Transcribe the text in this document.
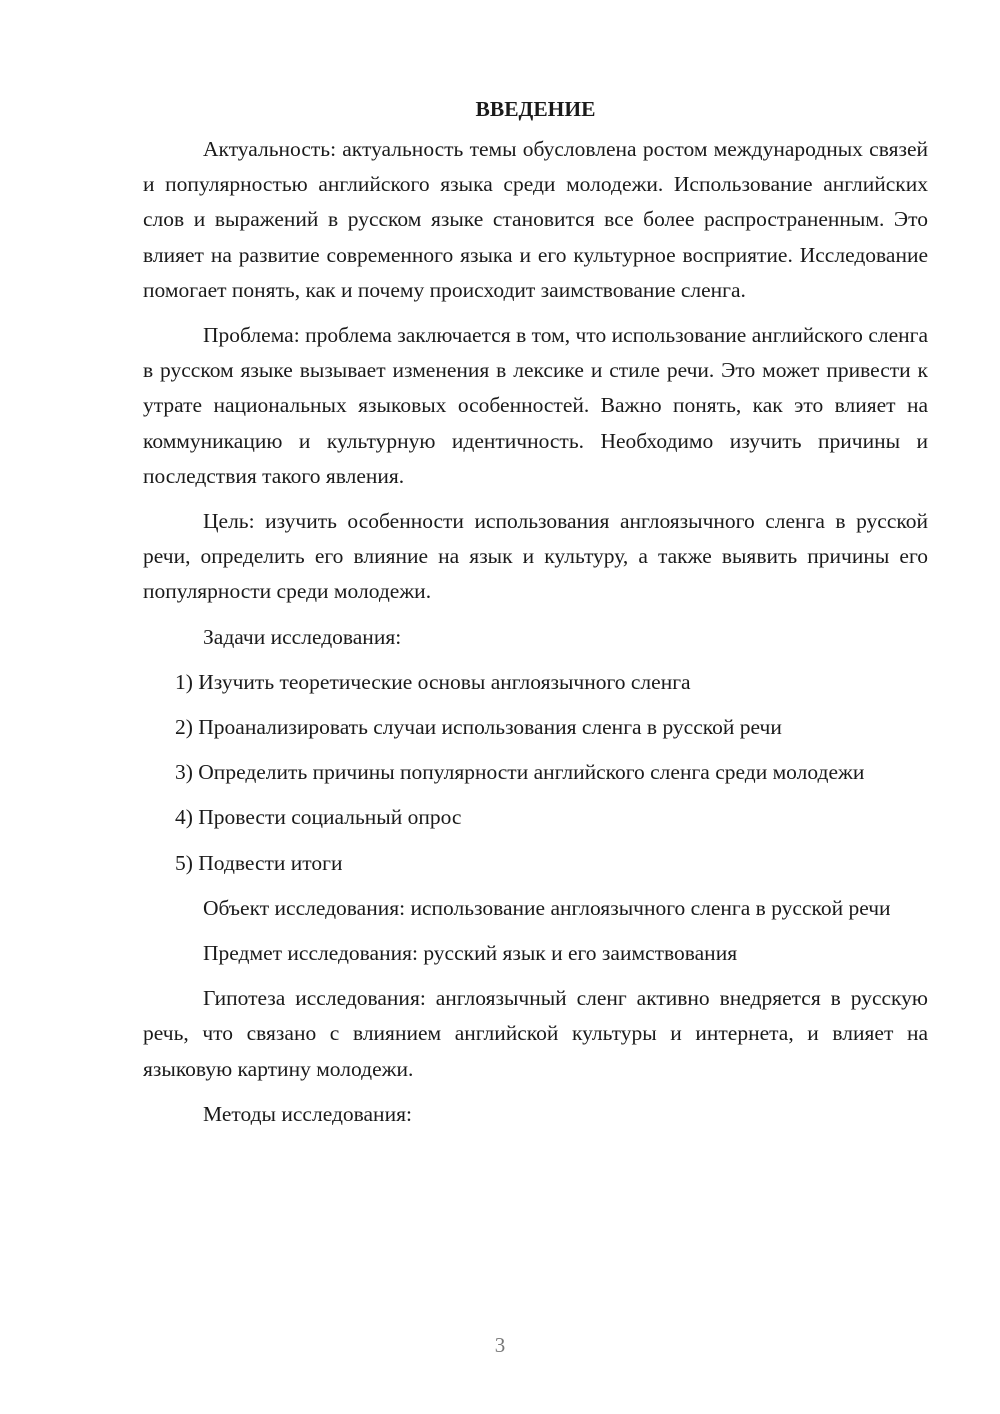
ВВЕДЕНИЕ

Актуальность: актуальность темы обусловлена ростом международных связей и популярностью английского языка среди молодежи. Использование английских слов и выражений в русском языке становится все более распространенным. Это влияет на развитие современного языка и его культурное восприятие. Исследование помогает понять, как и почему происходит заимствование сленга.

Проблема: проблема заключается в том, что использование английского сленга в русском языке вызывает изменения в лексике и стиле речи. Это может привести к утрате национальных языковых особенностей. Важно понять, как это влияет на коммуникацию и культурную идентичность. Необходимо изучить причины и последствия такого явления.

Цель: изучить особенности использования англоязычного сленга в русской речи, определить его влияние на язык и культуру, а также выявить причины его популярности среди молодежи.

Задачи исследования:

1) Изучить теоретические основы англоязычного сленга

2) Проанализировать случаи использования сленга в русской речи

3) Определить причины популярности английского сленга среди молодежи

4) Провести социальный опрос

5) Подвести итоги

Объект исследования: использование англоязычного сленга в русской речи

Предмет исследования: русский язык и его заимствования

Гипотеза исследования: англоязычный сленг активно внедряется в русскую речь, что связано с влиянием английской культуры и интернета, и влияет на языковую картину молодежи.

Методы исследования:

3
